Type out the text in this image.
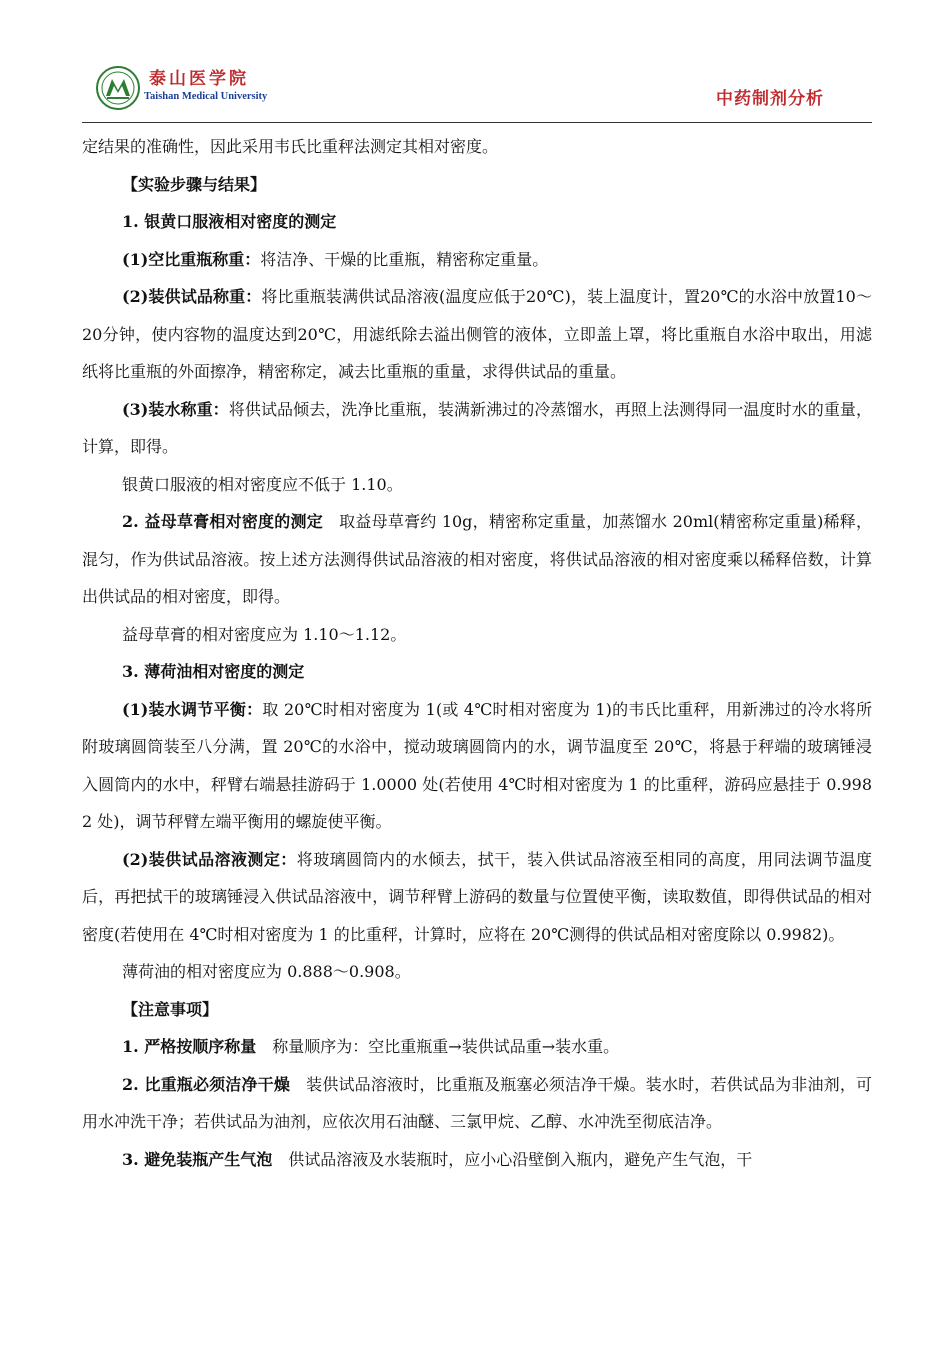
泰山医学院
Taishan Medical University	中药制剂分析

定结果的准确性，因此采用韦氏比重秤法测定其相对密度。

【实验步骤与结果】

1. 银黄口服液相对密度的测定

(1)空比重瓶称重：将洁净、干燥的比重瓶，精密称定重量。

(2)装供试品称重：将比重瓶装满供试品溶液(温度应低于20℃)，装上温度计，置20℃的水浴中放置10～20分钟，使内容物的温度达到20℃，用滤纸除去溢出侧管的液体，立即盖上罩，将比重瓶自水浴中取出，用滤纸将比重瓶的外面擦净，精密称定，减去比重瓶的重量，求得供试品的重量。

(3)装水称重：将供试品倾去，洗净比重瓶，装满新沸过的冷蒸馏水，再照上法测得同一温度时水的重量，计算，即得。

银黄口服液的相对密度应不低于 1.10。

2. 益母草膏相对密度的测定　取益母草膏约 10g，精密称定重量，加蒸馏水 20ml(精密称定重量)稀释，混匀，作为供试品溶液。按上述方法测得供试品溶液的相对密度，将供试品溶液的相对密度乘以稀释倍数，计算出供试品的相对密度，即得。

益母草膏的相对密度应为 1.10～1.12。

3. 薄荷油相对密度的测定

(1)装水调节平衡：取 20℃时相对密度为 1(或 4℃时相对密度为 1)的韦氏比重秤，用新沸过的冷水将所附玻璃圆筒装至八分满，置 20℃的水浴中，搅动玻璃圆筒内的水，调节温度至 20℃，将悬于秤端的玻璃锤浸入圆筒内的水中，秤臂右端悬挂游码于 1.0000 处(若使用 4℃时相对密度为 1 的比重秤，游码应悬挂于 0.9982 处)，调节秤臂左端平衡用的螺旋使平衡。

(2)装供试品溶液测定：将玻璃圆筒内的水倾去，拭干，装入供试品溶液至相同的高度，用同法调节温度后，再把拭干的玻璃锤浸入供试品溶液中，调节秤臂上游码的数量与位置使平衡，读取数值，即得供试品的相对密度(若使用在 4℃时相对密度为 1 的比重秤，计算时，应将在 20℃测得的供试品相对密度除以 0.9982)。

薄荷油的相对密度应为 0.888～0.908。

【注意事项】

1. 严格按顺序称量　称量顺序为：空比重瓶重→装供试品重→装水重。

2. 比重瓶必须洁净干燥　装供试品溶液时，比重瓶及瓶塞必须洁净干燥。装水时，若供试品为非油剂，可用水冲洗干净；若供试品为油剂，应依次用石油醚、三氯甲烷、乙醇、水冲洗至彻底洁净。

3. 避免装瓶产生气泡　供试品溶液及水装瓶时，应小心沿壁倒入瓶内，避免产生气泡，干
